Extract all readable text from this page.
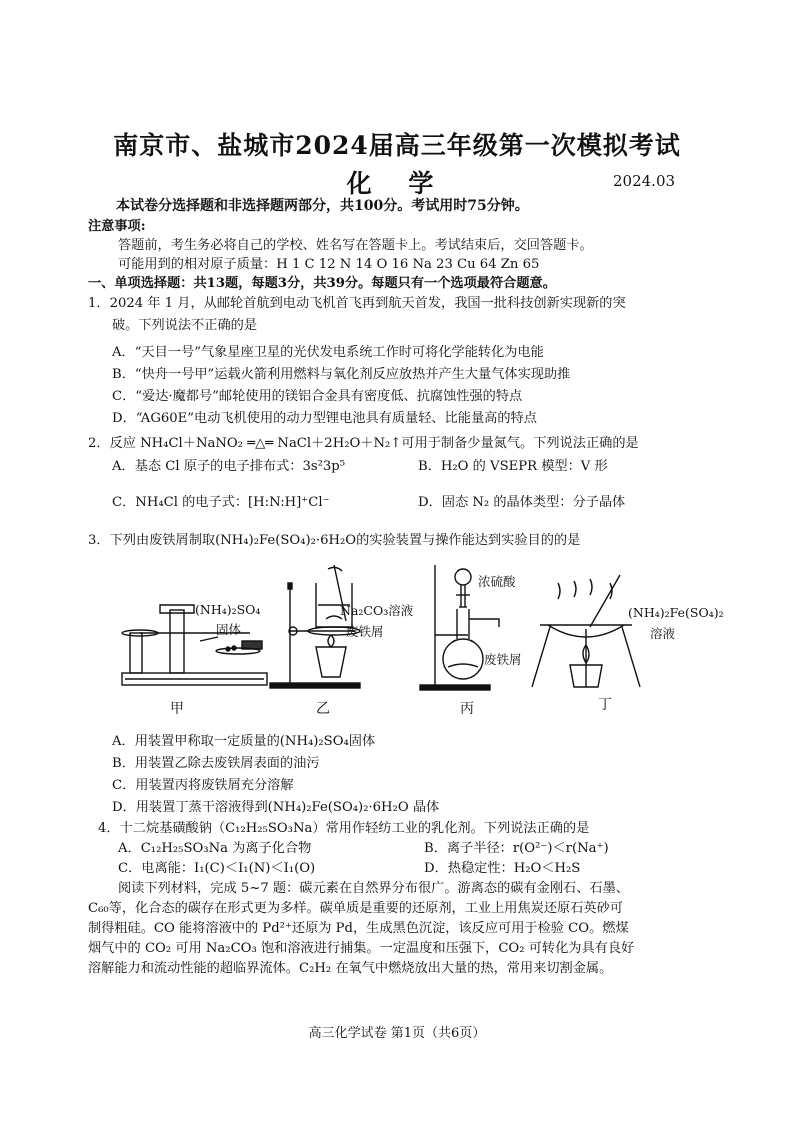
南京市、盐城市2024届高三年级第一次模拟考试
化 学	2024.03
本试卷分选择题和非选择题两部分，共100分。考试用时75分钟。
注意事项:
答题前，考生务必将自己的学校、姓名写在答题卡上。考试结束后，交回答题卡。
可能用到的相对原子质量：H 1 C 12 N 14 O 16 Na 23 Cu 64 Zn 65
一、单项选择题：共13题，每题3分，共39分。每题只有一个选项最符合题意。
1．2024 年 1 月，从邮轮首航到电动飞机首飞再到航天首发，我国一批科技创新实现新的突
破。下列说法不正确的是
A．“天目一号”气象星座卫星的光伏发电系统工作时可将化学能转化为电能
B．“快舟一号甲”运载火箭利用燃料与氧化剂反应放热并产生大量气体实现助推
C．“爱达·魔都号”邮轮使用的镁铝合金具有密度低、抗腐蚀性强的特点
D．“AG60E”电动飞机使用的动力型锂电池具有质量轻、比能量高的特点
2．反应 NH₄Cl＋NaNO₂ ═△═ NaCl＋2H₂O＋N₂↑可用于制备少量氮气。下列说法正确的是
A．基态 Cl 原子的电子排布式：3s²3p⁵	B．H₂O 的 VSEPR 模型：V 形
C．NH₄Cl 的电子式：[H:N:H]⁺Cl⁻	D．固态 N₂ 的晶体类型：分子晶体
3．下列由废铁屑制取(NH₄)₂Fe(SO₄)₂·6H₂O的实验装置与操作能达到实验目的的是
(NH₄)₂SO₄
固体
Na₂CO₃溶液
废铁屑
浓硫酸
废铁屑
(NH₄)₂Fe(SO₄)₂
溶液
甲	乙	丙	丁
A．用装置甲称取一定质量的(NH₄)₂SO₄固体
B．用装置乙除去废铁屑表面的油污
C．用装置丙将废铁屑充分溶解
D．用装置丁蒸干溶液得到(NH₄)₂Fe(SO₄)₂·6H₂O 晶体
4．十二烷基磺酸钠（C₁₂H₂₅SO₃Na）常用作轻纺工业的乳化剂。下列说法正确的是
A．C₁₂H₂₅SO₃Na 为离子化合物	B．离子半径：r(O²⁻)＜r(Na⁺)
C．电离能：I₁(C)＜I₁(N)＜I₁(O)	D．热稳定性：H₂O＜H₂S
阅读下列材料，完成 5~7 题：碳元素在自然界分布很广。游离态的碳有金刚石、石墨、
C₆₀等，化合态的碳存在形式更为多样。碳单质是重要的还原剂，工业上用焦炭还原石英砂可
制得粗硅。CO 能将溶液中的 Pd²⁺还原为 Pd，生成黑色沉淀，该反应可用于检验 CO。燃煤
烟气中的 CO₂ 可用 Na₂CO₃ 饱和溶液进行捕集。一定温度和压强下，CO₂ 可转化为具有良好
溶解能力和流动性能的超临界流体。C₂H₂ 在氧气中燃烧放出大量的热，常用来切割金属。
高三化学试卷 第1页（共6页）
